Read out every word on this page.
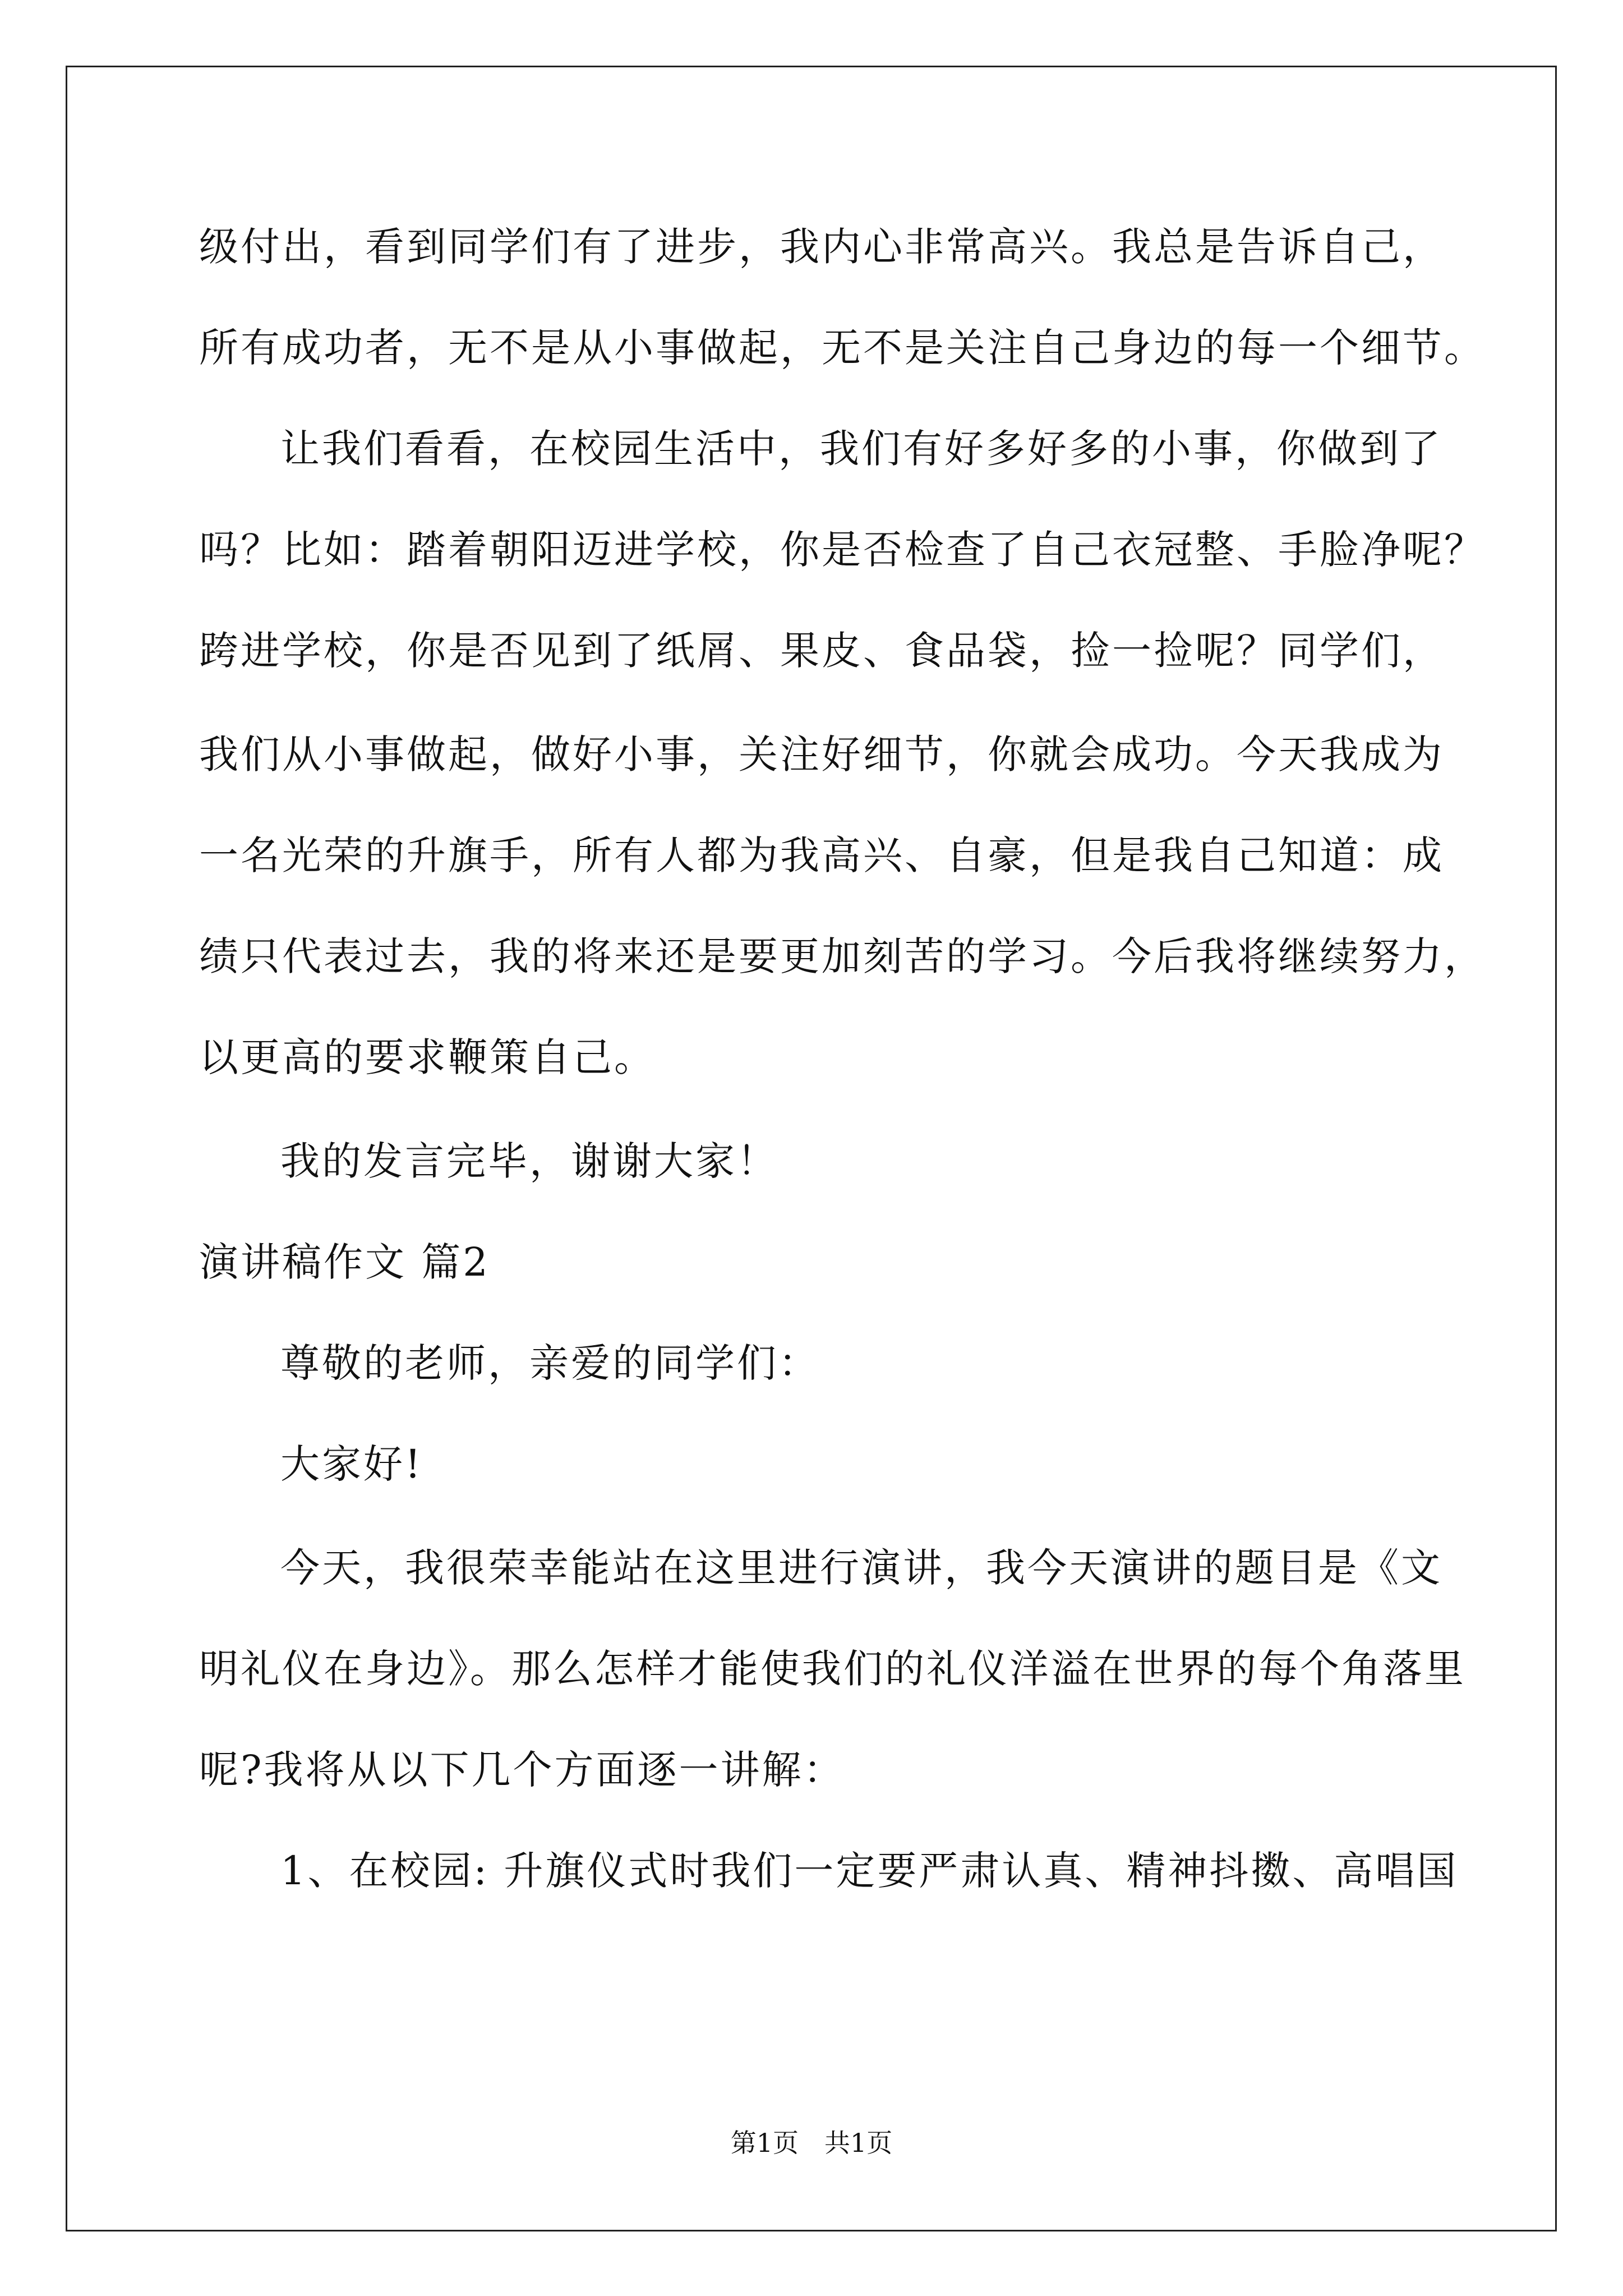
级付出，看到同学们有了进步，我内心非常高兴。我总是告诉自己，
所有成功者，无不是从小事做起，无不是关注自己身边的每一个细节。
让我们看看，在校园生活中，我们有好多好多的小事，你做到了
吗？比如：踏着朝阳迈进学校，你是否检查了自己衣冠整、手脸净呢？
跨进学校，你是否见到了纸屑、果皮、食品袋，捡一捡呢？同学们，
我们从小事做起，做好小事，关注好细节，你就会成功。今天我成为
一名光荣的升旗手，所有人都为我高兴、自豪，但是我自己知道：成
绩只代表过去，我的将来还是要更加刻苦的学习。今后我将继续努力，
以更高的要求鞭策自己。
我的发言完毕，谢谢大家！
演讲稿作文 篇2
尊敬的老师，亲爱的同学们：
大家好!
今天，我很荣幸能站在这里进行演讲，我今天演讲的题目是《文
明礼仪在身边》。那么怎样才能使我们的礼仪洋溢在世界的每个角落里
呢?我将从以下几个方面逐一讲解：
1、在校园: 升旗仪式时我们一定要严肃认真、精神抖擞、高唱国
第1页　共1页
